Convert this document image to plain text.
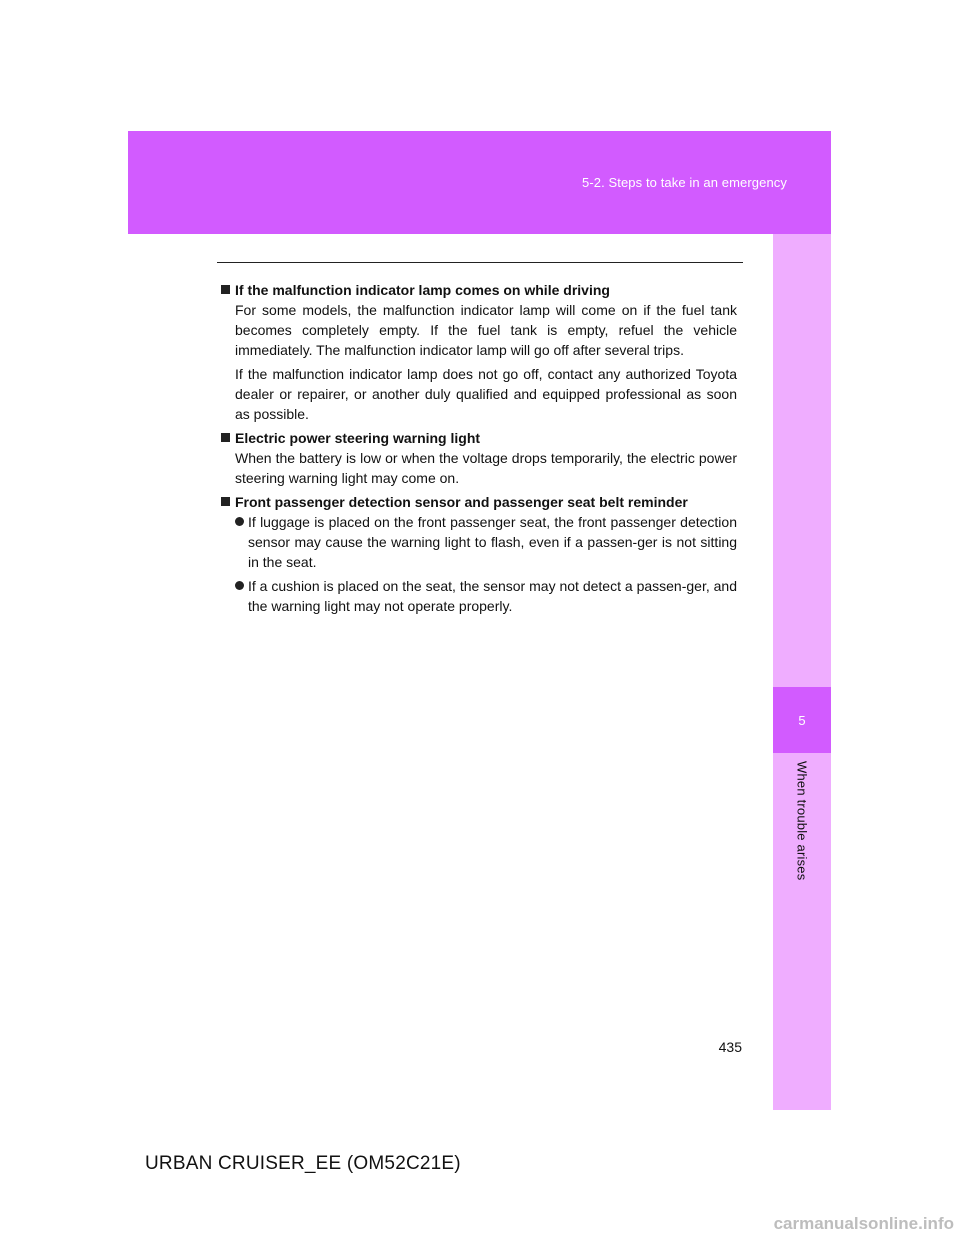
5-2. Steps to take in an emergency
5
When trouble arises

If the malfunction indicator lamp comes on while driving

For some models, the malfunction indicator lamp will come on if the fuel tank becomes completely empty. If the fuel tank is empty, refuel the vehicle immediately. The malfunction indicator lamp will go off after several trips.

If the malfunction indicator lamp does not go off, contact any authorized Toyota dealer or repairer, or another duly qualified and equipped professional as soon as possible.

Electric power steering warning light

When the battery is low or when the voltage drops temporarily, the electric power steering warning light may come on.

Front passenger detection sensor and passenger seat belt reminder

If luggage is placed on the front passenger seat, the front passenger detection sensor may cause the warning light to flash, even if a passen-ger is not sitting in the seat.

If a cushion is placed on the seat, the sensor may not detect a passen-ger, and the warning light may not operate properly.

435
URBAN CRUISER_EE (OM52C21E)
carmanualsonline.info
